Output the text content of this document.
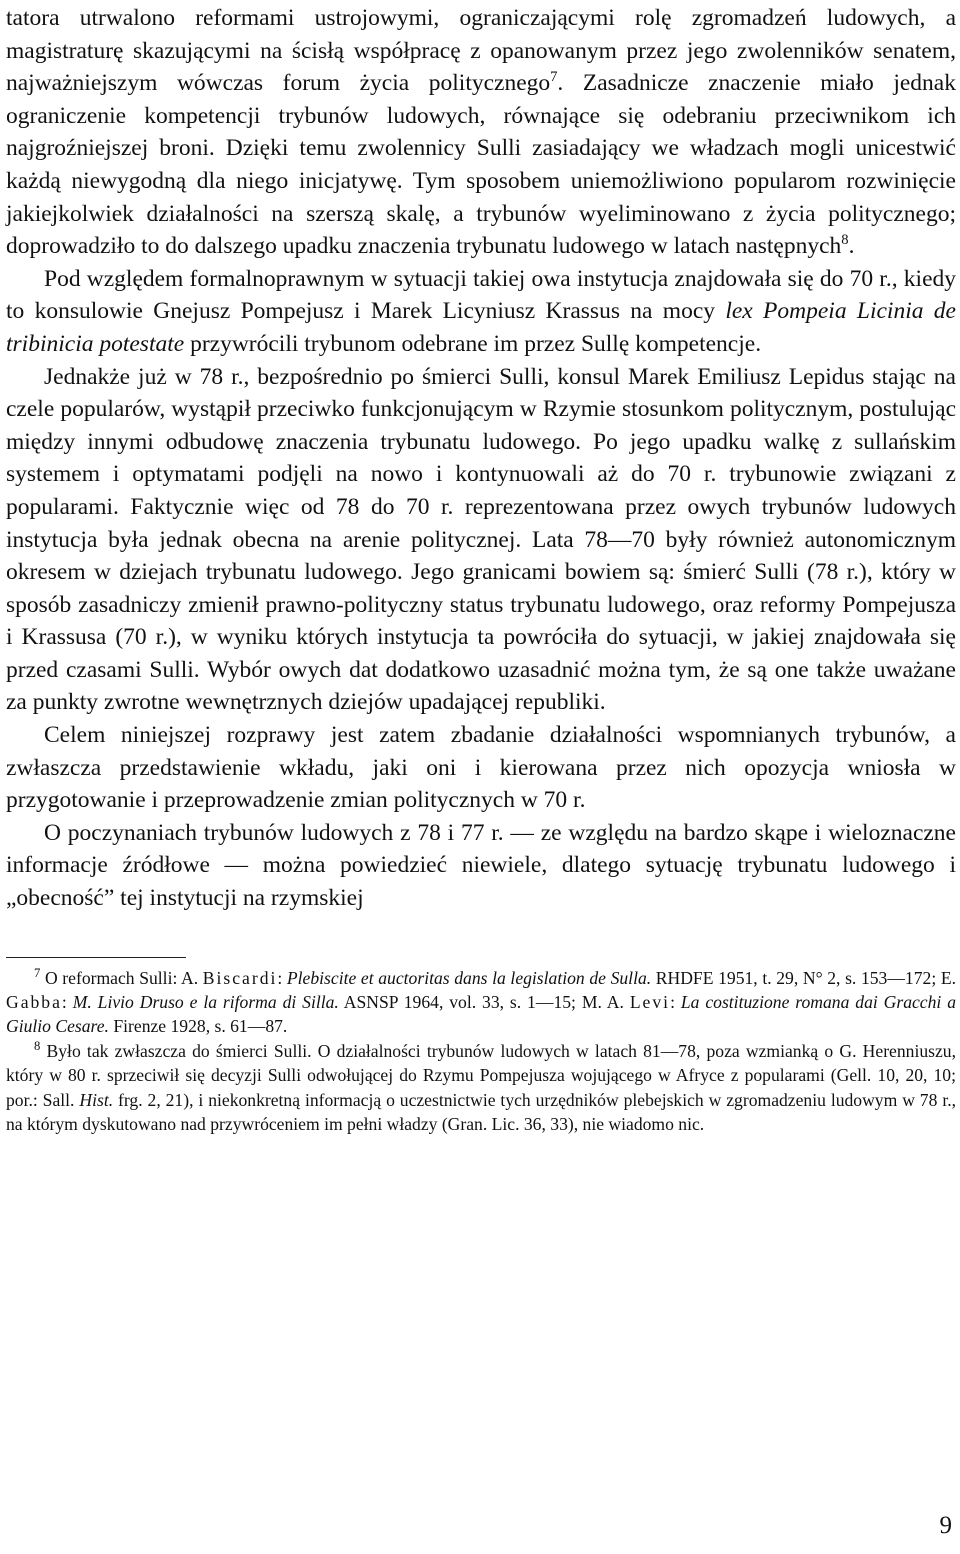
tatora utrwalono reformami ustrojowymi, ograniczającymi rolę zgromadzeń ludowych, a magistraturę skazującymi na ścisłą współpracę z opanowanym przez jego zwolenników senatem, najważniejszym wówczas forum życia politycznego$^7$. Zasadnicze znaczenie miało jednak ograniczenie kompetencji trybunów ludowych, równające się odebraniu przeciwnikom ich najgroźniejszej broni. Dzięki temu zwolennicy Sulli zasiadający we władzach mogli unicestwić każdą niewygodną dla niego inicjatywę. Tym sposobem uniemożliwiono popularom rozwinięcie jakiejkolwiek działalności na szerszą skalę, a trybunów wyeliminowano z życia politycznego; doprowadziło to do dalszego upadku znaczenia trybunatu ludowego w latach następnych$^8$.

Pod względem formalnoprawnym w sytuacji takiej owa instytucja znajdowała się do 70 r., kiedy to konsulowie Gnejusz Pompejusz i Marek Licyniusz Krassus na mocy lex Pompeia Licinia de tribinicia potestate przywrócili trybunom odebrane im przez Sullę kompetencje.

Jednakże już w 78 r., bezpośrednio po śmierci Sulli, konsul Marek Emiliusz Lepidus stając na czele popularów, wystąpił przeciwko funkcjonującym w Rzymie stosunkom politycznym, postulując między innymi odbudowę znaczenia trybunatu ludowego. Po jego upadku walkę z sullańskim systemem i optymatami podjęli na nowo i kontynuowali aż do 70 r. trybunowie związani z popularami. Faktycznie więc od 78 do 70 r. reprezentowana przez owych trybunów ludowych instytucja była jednak obecna na arenie politycznej. Lata 78—70 były również autonomicznym okresem w dziejach trybunatu ludowego. Jego granicami bowiem są: śmierć Sulli (78 r.), który w sposób zasadniczy zmienił prawno-polityczny status trybunatu ludowego, oraz reformy Pompejusza i Krassusa (70 r.), w wyniku których instytucja ta powróciła do sytuacji, w jakiej znajdowała się przed czasami Sulli. Wybór owych dat dodatkowo uzasadnić można tym, że są one także uważane za punkty zwrotne wewnętrznych dziejów upadającej republiki.

Celem niniejszej rozprawy jest zatem zbadanie działalności wspomnianych trybunów, a zwłaszcza przedstawienie wkładu, jaki oni i kierowana przez nich opozycja wniosła w przygotowanie i przeprowadzenie zmian politycznych w 70 r.

O poczynaniach trybunów ludowych z 78 i 77 r. — ze względu na bardzo skąpe i wieloznaczne informacje źródłowe — można powiedzieć niewiele, dlatego sytuację trybunatu ludowego i „obecność” tej instytucji na rzymskiej

$^7$ O reformach Sulli: A. Biscardi: Plebiscite et auctoritas dans la legislation de Sulla. RHDFE 1951, t. 29, N° 2, s. 153—172; E. Gabba: M. Livio Druso e la riforma di Silla. ASNSP 1964, vol. 33, s. 1—15; M. A. Levi: La costituzione romana dai Gracchi a Giulio Cesare. Firenze 1928, s. 61—87.

$^8$ Było tak zwłaszcza do śmierci Sulli. O działalności trybunów ludowych w latach 81—78, poza wzmianką o G. Herenniuszu, który w 80 r. sprzeciwił się decyzji Sulli odwołującej do Rzymu Pompejusza wojującego w Afryce z popularami (Gell. 10, 20, 10; por.: Sall. Hist. frg. 2, 21), i niekonkretną informacją o uczestnictwie tych urzędników plebejskich w zgromadzeniu ludowym w 78 r., na którym dyskutowano nad przywróceniem im pełni władzy (Gran. Lic. 36, 33), nie wiadomo nic.

9
